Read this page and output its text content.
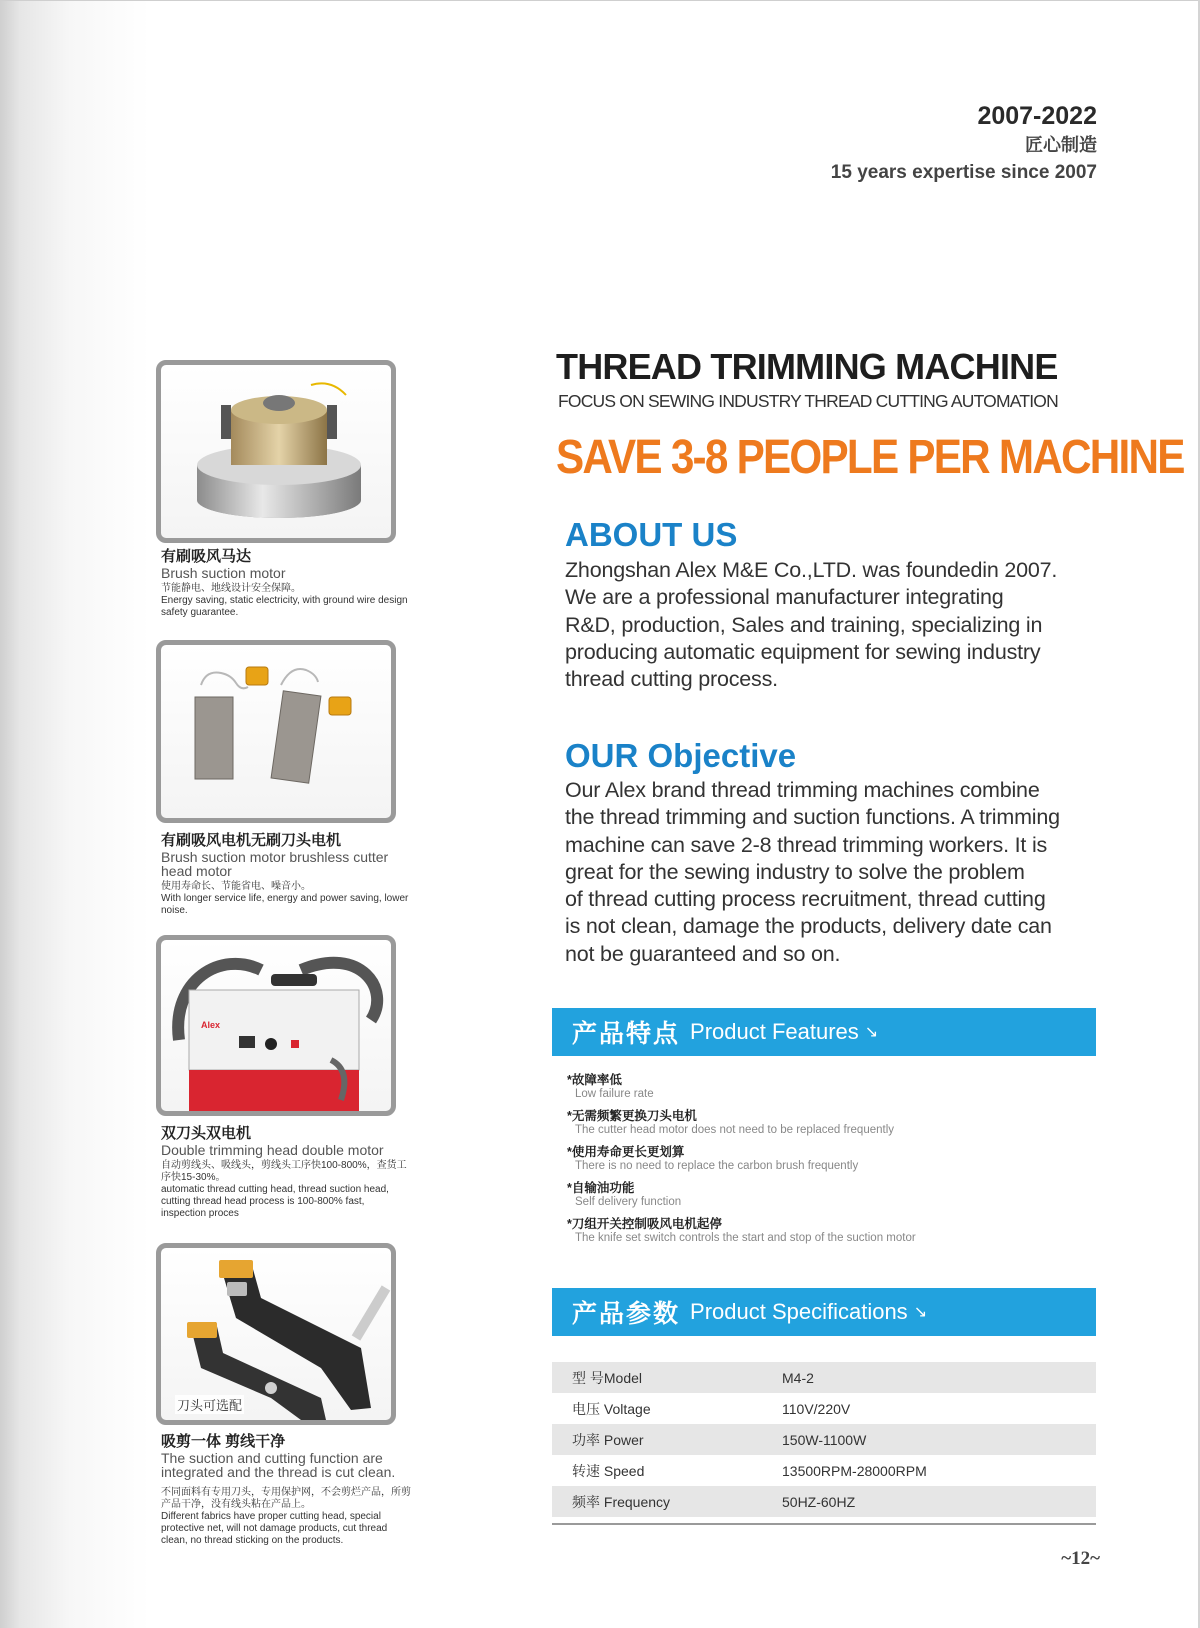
2007-2022
匠心制造
15 years expertise since 2007
有刷吸风马达
Brush suction motor
节能静电、地线设计安全保障。
Energy saving, static electricity, with ground wire design safety guarantee.
有刷吸风电机无刷刀头电机
Brush suction motor brushless cutter head motor
使用寿命长、节能省电、噪音小。
With longer service life, energy and power saving, lower noise.
Alex
双刀头双电机
Double trimming head double motor
自动剪线头、吸线头，剪线头工序快100-800%，查货工序快15-30%。
automatic thread cutting head, thread suction head, cutting thread head process is 100-800% fast, inspection proces
刀头可选配
吸剪一体 剪线干净
The suction and cutting function are integrated and the thread is cut clean.
不同面料有专用刀头，专用保护网，不会剪烂产品，所剪产品干净，没有线头粘在产品上。
Different fabrics have proper cutting head, special protective net, will not damage products, cut thread clean, no thread sticking on the products.
THREAD TRIMMING MACHINE
FOCUS ON SEWING INDUSTRY THREAD CUTTING AUTOMATION
SAVE 3-8 PEOPLE PER MACHINE
ABOUT US
Zhongshan Alex M&E Co.,LTD. was foundedin 2007.
We are a professional manufacturer integrating
R&D, production, Sales and training, specializing in
producing automatic equipment for sewing industry
thread cutting process.
OUR Objective
Our Alex brand thread trimming machines combine
the thread trimming and suction functions. A trimming
machine can save 2-8 thread trimming workers. It is
great for the sewing industry to solve the problem
of thread cutting process recruitment, thread cutting
is not clean, damage the products, delivery date can
not be guaranteed and so on.
产品特点 Product Features ↘
*故障率低
Low failure rate
*无需频繁更换刀头电机
The cutter head motor does not need to be replaced frequently
*使用寿命更长更划算
There is no need to replace the carbon brush frequently
*自输油功能
Self delivery function
*刀组开关控制吸风电机起停
The knife set switch controls the start and stop of the suction motor
产品参数 Product Specifications ↘
型 号Model	M4-2
电压 Voltage	110V/220V
功率 Power	150W-1100W
转速 Speed	13500RPM-28000RPM
频率 Frequency	50HZ-60HZ
~12~
